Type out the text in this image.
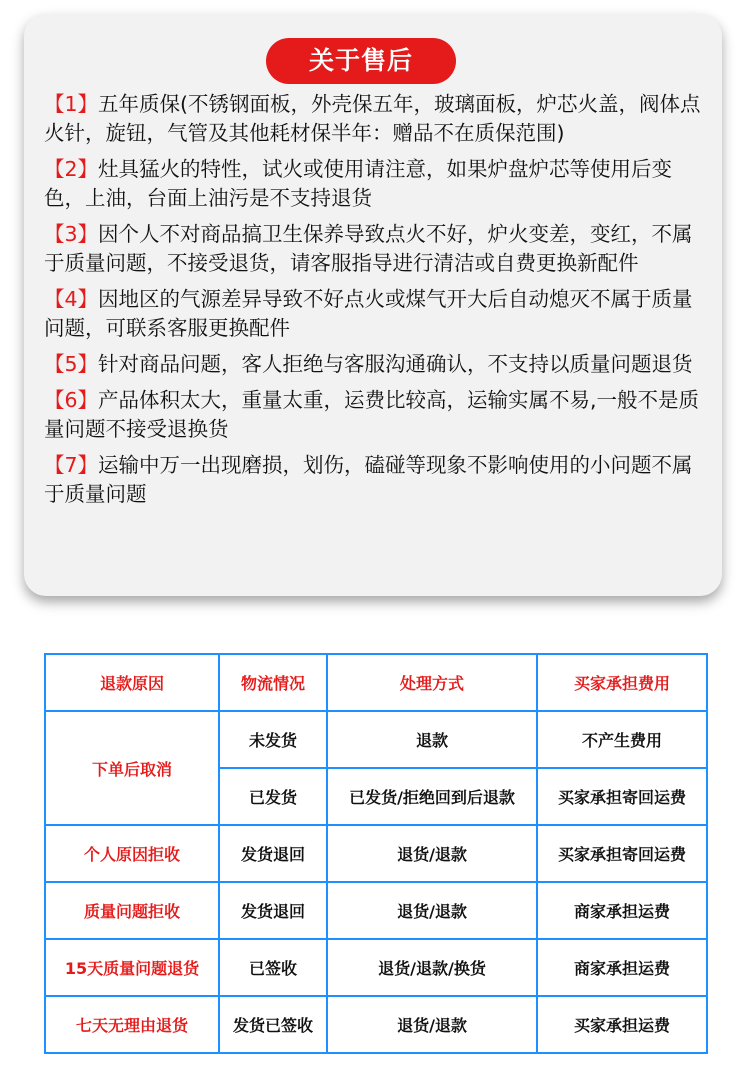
关于售后

【1】五年质保(不锈钢面板，外壳保五年，玻璃面板，炉芯火盖，阀体点火针，旋钮，气管及其他耗材保半年：赠品不在质保范围)

【2】灶具猛火的特性，试火或使用请注意，如果炉盘炉芯等使用后变色，上油，台面上油污是不支持退货

【3】因个人不对商品搞卫生保养导致点火不好，炉火变差，变红，不属于质量问题，不接受退货，请客服指导进行清洁或自费更换新配件

【4】因地区的气源差异导致不好点火或煤气开大后自动熄灭不属于质量问题，可联系客服更换配件

【5】针对商品问题，客人拒绝与客服沟通确认，不支持以质量问题退货

【6】产品体积太大，重量太重，运费比较高，运输实属不易,一般不是质量问题不接受退换货

【7】运输中万一出现磨损，划伤，磕碰等现象不影响使用的小问题不属于质量问题

退款原因	物流情况	处理方式	买家承担费用
下单后取消	未发货	退款	不产生费用
	已发货	已发货/拒绝回到后退款	买家承担寄回运费
个人原因拒收	发货退回	退货/退款	买家承担寄回运费
质量问题拒收	发货退回	退货/退款	商家承担运费
15天质量问题退货	已签收	退货/退款/换货	商家承担运费
七天无理由退货	发货已签收	退货/退款	买家承担运费
